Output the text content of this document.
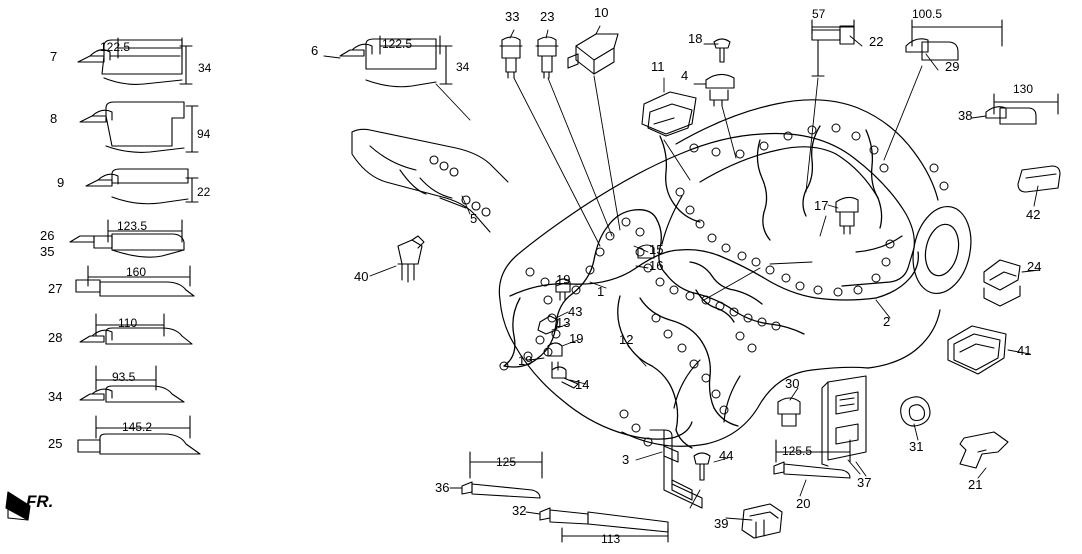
FR.
122.5
34
94
22
123.5
160
110
93.5
145.2
122.5
34
7
8
9
26
35
27
28
34
25
6
5
40
33 23	10
18
4
11
57
22
100.5
29
130
38
42
17
24
2
41
15
16
1
19
43
13
19
19
14
12
30
31
37	21
3	44
125
36
32
39
113
20
125.5
